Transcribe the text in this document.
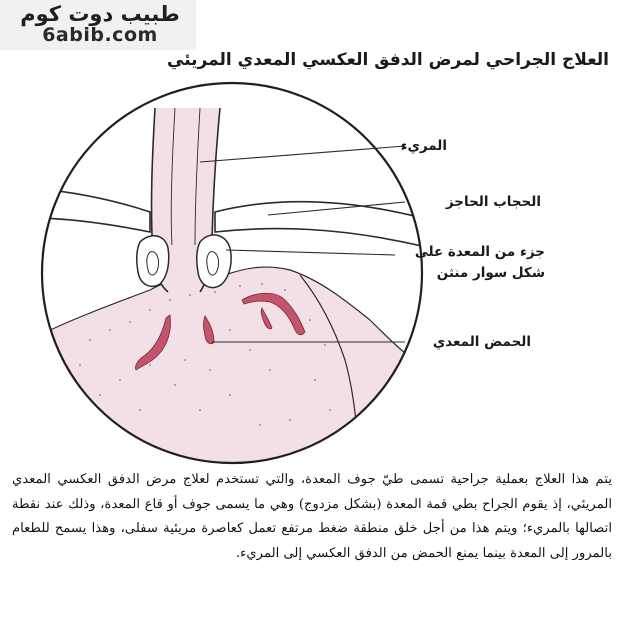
طبيب دوت كوم
6abib.com
العلاج الجراحي لمرض الدفق العكسي المعدي المريئي
المريء
الحجاب الحاجز
جزء من المعدة على
شكل سوار منثن
الحمض المعدي
يتم هذا العلاج بعملية جراحية تسمى طيّ جوف المعدة، والتي تستخدم لعلاج مرض الدفق العكسي المعدي المريئي، إذ يقوم الجراح بطي قمة المعدة (بشكل مزدوج) وهي ما يسمى جوف أو قاع المعدة، وذلك عند نقطة اتصالها بالمريء؛ ويتم هذا من أجل خلق منطقة ضغط مرتفع تعمل كعاصرة مريئية سفلى، وهذا يسمح للطعام بالمرور إلى المعدة بينما يمنع الحمض من الدفق العكسي إلى المريء.
